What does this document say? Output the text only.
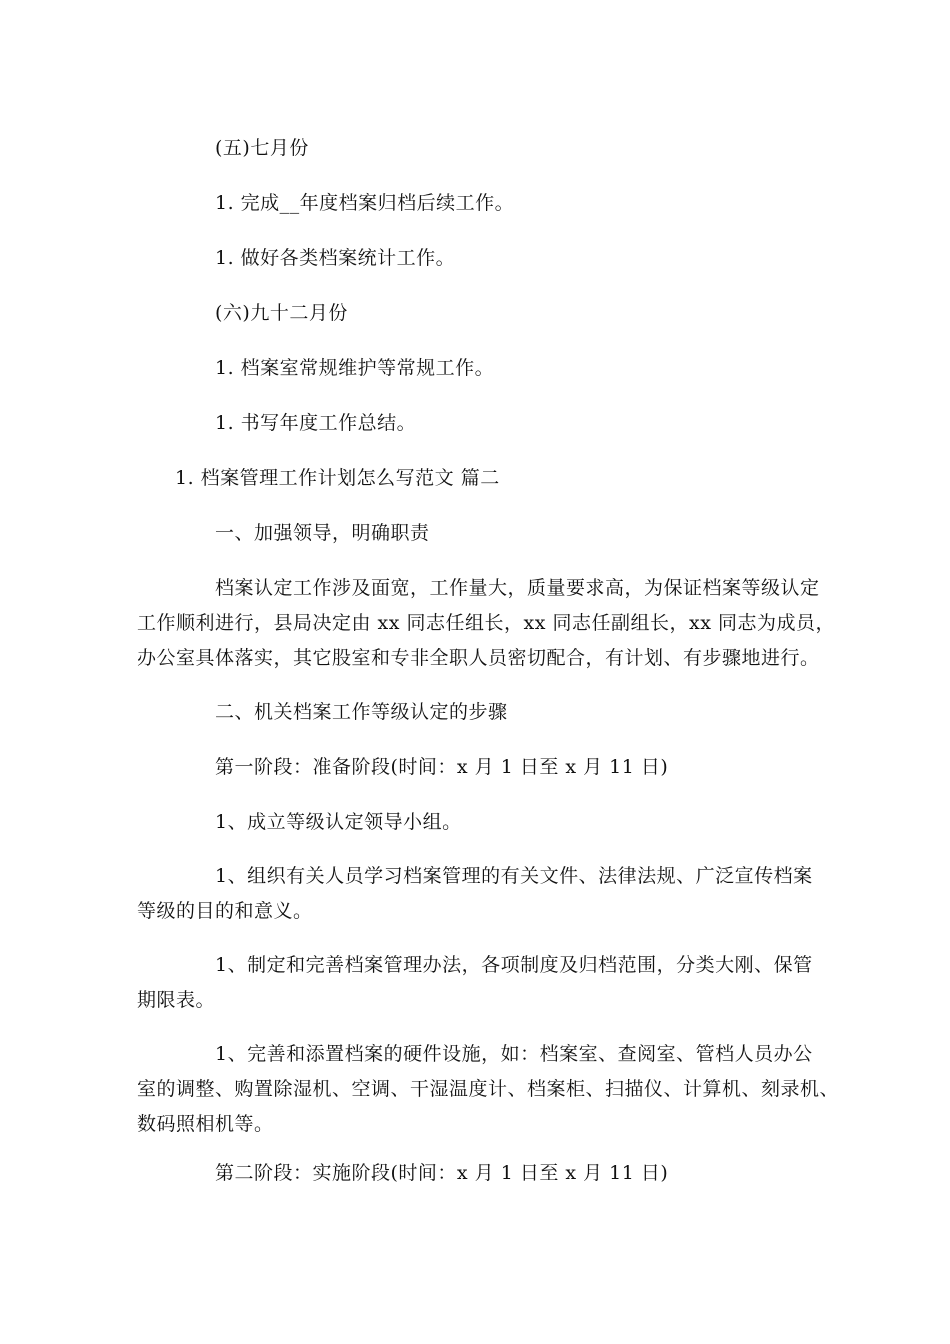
(五)七月份
1. 完成__年度档案归档后续工作。
1. 做好各类档案统计工作。
(六)九十二月份
1. 档案室常规维护等常规工作。
1. 书写年度工作总结。
1. 档案管理工作计划怎么写范文 篇二
一、加强领导，明确职责
档案认定工作涉及面宽，工作量大，质量要求高，为保证档案等级认定
工作顺利进行，县局决定由 xx 同志任组长，xx 同志任副组长，xx 同志为成员，
办公室具体落实，其它股室和专非全职人员密切配合，有计划、有步骤地进行。
二、机关档案工作等级认定的步骤
第一阶段：准备阶段(时间：x 月 1 日至 x 月 11 日)
1、成立等级认定领导小组。
1、组织有关人员学习档案管理的有关文件、法律法规、广泛宣传档案
等级的目的和意义。
1、制定和完善档案管理办法，各项制度及归档范围，分类大刚、保管
期限表。
1、完善和添置档案的硬件设施，如：档案室、查阅室、管档人员办公
室的调整、购置除湿机、空调、干湿温度计、档案柜、扫描仪、计算机、刻录机、
数码照相机等。
第二阶段：实施阶段(时间：x 月 1 日至 x 月 11 日)
